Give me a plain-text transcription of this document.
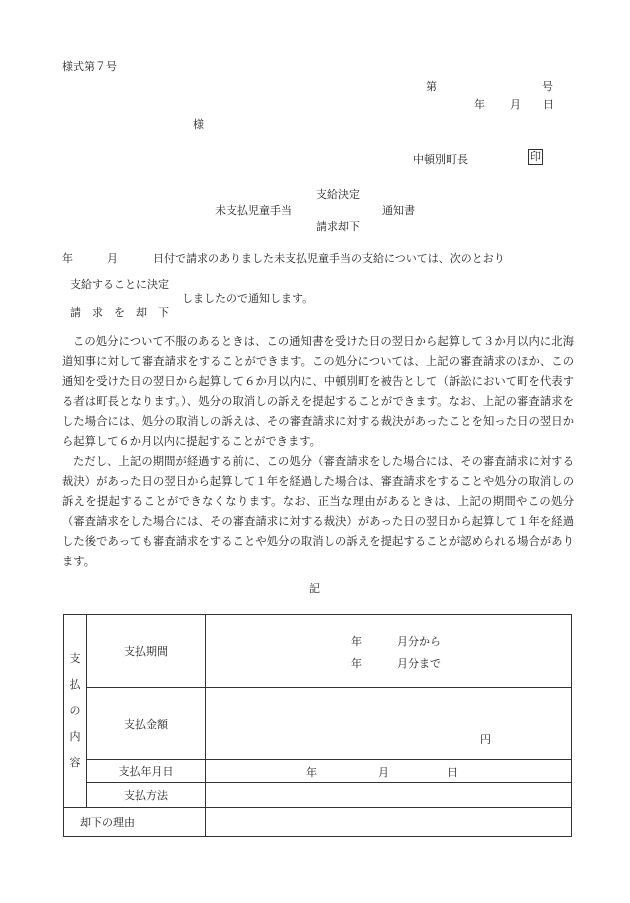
様式第７号
第	号
年 月 日
様
中頓別町長	印
支給決定
未支払児童手当	通知書
請求却下
年	月	日付で請求のありました未支払児童手当の支給については、次のとおり
支給することに決定
しましたので通知します。
請　求　を　却　下
この処分について不服のあるときは、この通知書を受けた日の翌日から起算して３か月以内に北海道知事に対して審査請求をすることができます。この処分については、上記の審査請求のほか、この通知を受けた日の翌日から起算して６か月以内に、中頓別町を被告として（訴訟において町を代表する者は町長となります。）、処分の取消しの訴えを提起することができます。なお、上記の審査請求をした場合には、処分の取消しの訴えは、その審査請求に対する裁決があったことを知った日の翌日から起算して６か月以内に提起することができます。
ただし、上記の期間が経過する前に、この処分（審査請求をした場合には、その審査請求に対する裁決）があった日の翌日から起算して１年を経過した場合は、審査請求をすることや処分の取消しの訴えを提起することができなくなります。なお、正当な理由があるときは、上記の期間やこの処分（審査請求をした場合には、その審査請求に対する裁決）があった日の翌日から起算して１年を経過した後であっても審査請求をすることや処分の取消しの訴えを提起することが認められる場合があります。
記
支
払
の
内
容	支払期間	年 月分から
年 月分まで

	支払金額	円

	支払年月日	年 月 日

	支払方法	
却下の理由		
